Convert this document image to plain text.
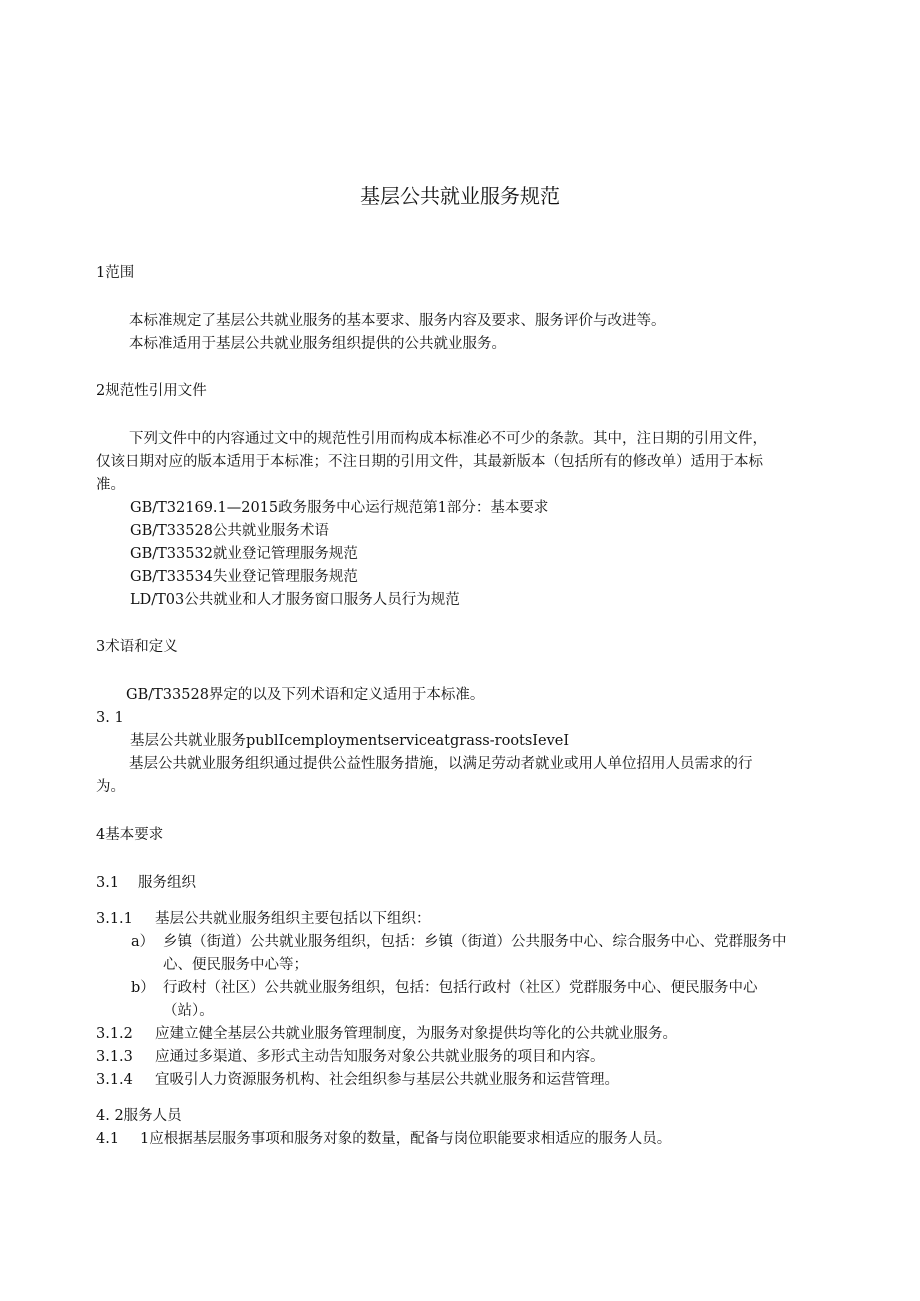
基层公共就业服务规范
1范围
本标准规定了基层公共就业服务的基本要求、服务内容及要求、服务评价与改进等。
本标准适用于基层公共就业服务组织提供的公共就业服务。
2规范性引用文件
下列文件中的内容通过文中的规范性引用而构成本标准必不可少的条款。其中，注日期的引用文件，
仅该日期对应的版本适用于本标准；不注日期的引用文件，其最新版本（包括所有的修改单）适用于本标
准。
GB/T32169.1—2015政务服务中心运行规范第1部分：基本要求
GB/T33528公共就业服务术语
GB/T33532就业登记管理服务规范
GB/T33534失业登记管理服务规范
LD/T03公共就业和人才服务窗口服务人员行为规范
3术语和定义
GB/T33528界定的以及下列术语和定义适用于本标准。
3. 1
基层公共就业服务publIcemploymentserviceatgrass-rootsIeveI
基层公共就业服务组织通过提供公益性服务措施，以满足劳动者就业或用人单位招用人员需求的行
为。
4基本要求
3.1 服务组织
3.1.1 基层公共就业服务组织主要包括以下组织：
a） 乡镇（街道）公共就业服务组织，包括：乡镇（街道）公共服务中心、综合服务中心、党群服务中
心、便民服务中心等；
b） 行政村（社区）公共就业服务组织，包括：包括行政村（社区）党群服务中心、便民服务中心
（站）。
3.1.2 应建立健全基层公共就业服务管理制度，为服务对象提供均等化的公共就业服务。
3.1.3 应通过多渠道、多形式主动告知服务对象公共就业服务的项目和内容。
3.1.4 宜吸引人力资源服务机构、社会组织参与基层公共就业服务和运营管理。
4. 2服务人员
4.1 1应根据基层服务事项和服务对象的数量，配备与岗位职能要求相适应的服务人员。
